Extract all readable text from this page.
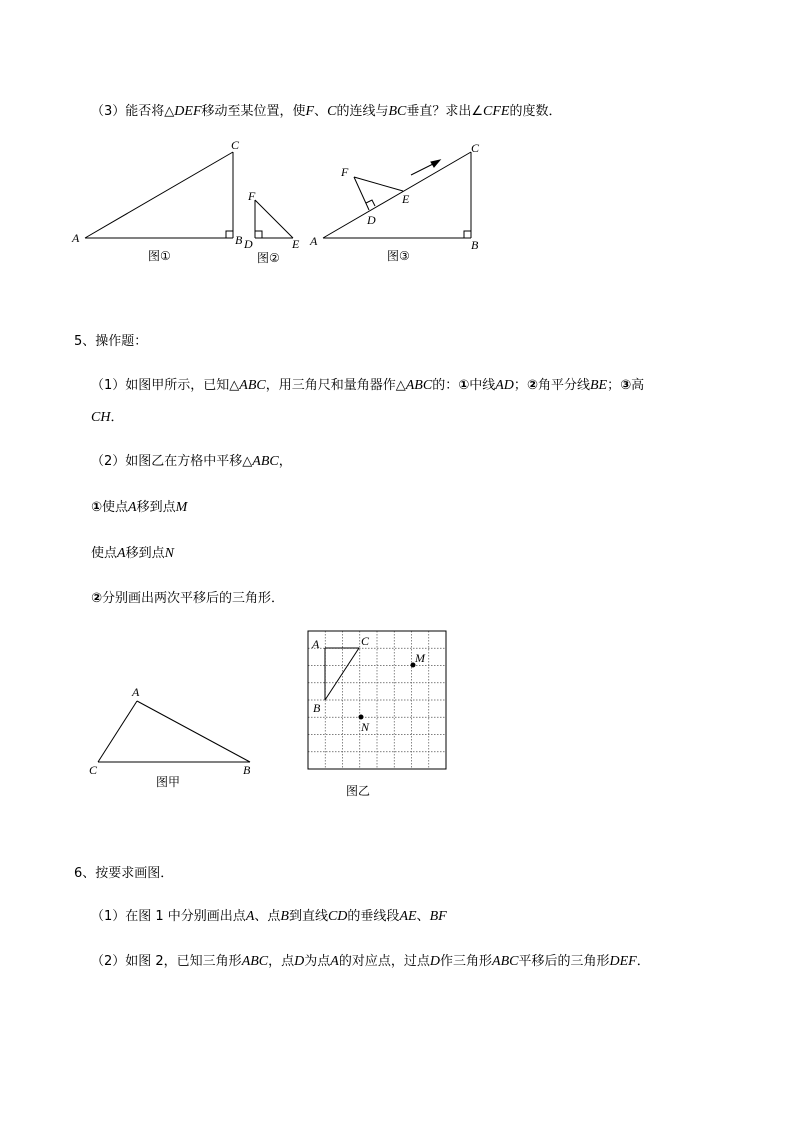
（3）能否将△DEF移动至某位置，使F、C的连线与BC垂直？求出∠CFE的度数．
A	B
C
图①
F
D	E
图②
A	B
C
F
D
E
图③
5、操作题：
（1）如图甲所示，已知△ABC，用三角尺和量角器作△ABC的：①中线AD；②角平分线BE；③高
CH．
（2）如图乙在方格中平移△ABC，
①使点A移到点M
使点A移到点N
②分别画出两次平移后的三角形．
A
C	B
图甲
A	C
B
M
N
图乙
6、按要求画图．
（1）在图 1 中分别画出点A、点B到直线CD的垂线段AE、BF
（2）如图 2，已知三角形ABC，点D为点A的对应点，过点D作三角形ABC平移后的三角形DEF．
